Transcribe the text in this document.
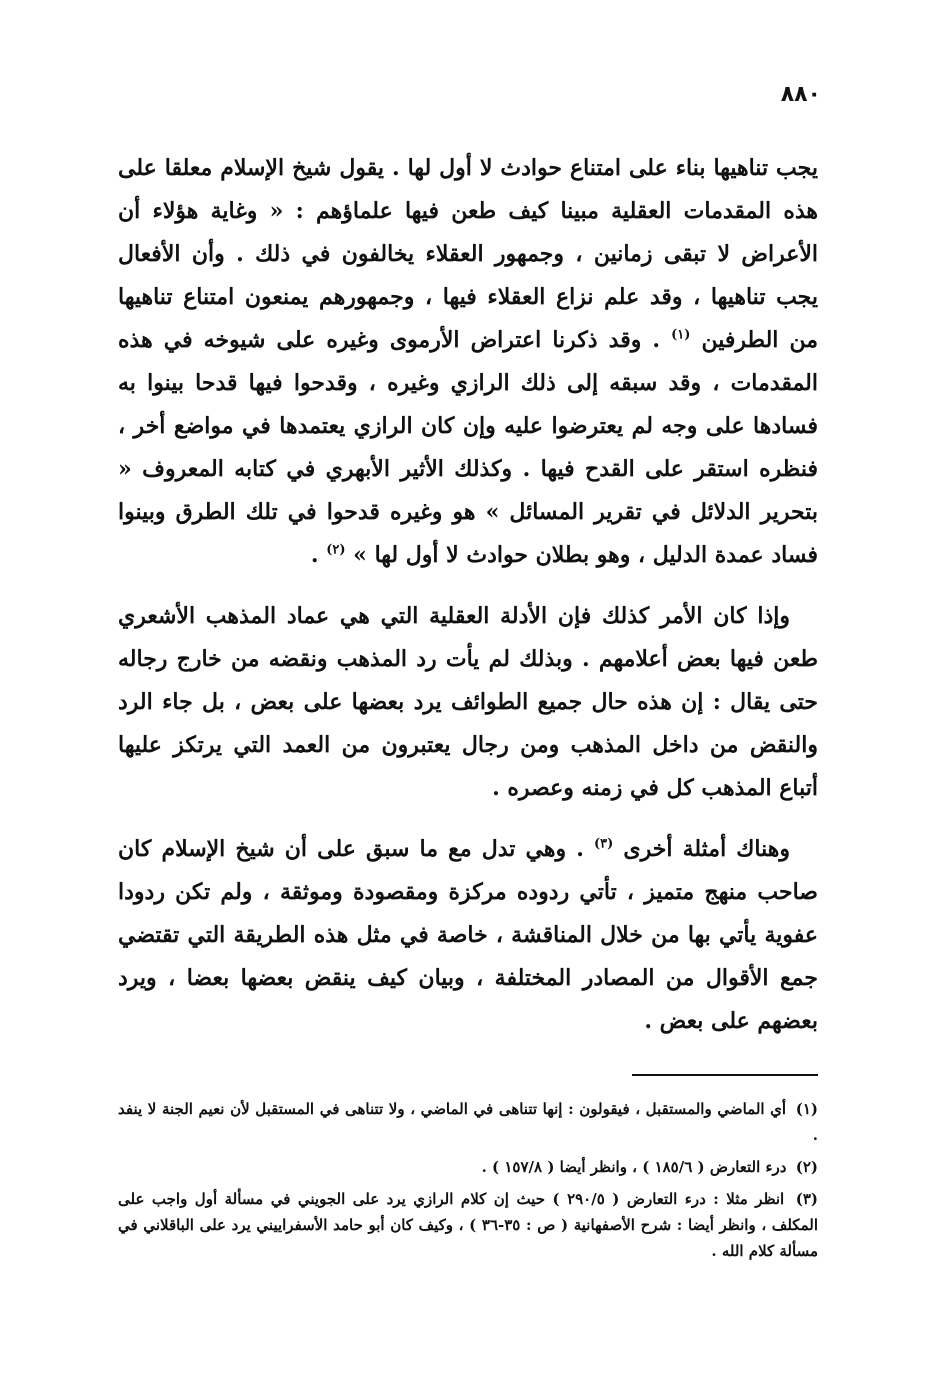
٨٨٠

يجب تناهيها بناء على امتناع حوادث لا أول لها . يقول شيخ الإسلام معلقا على هذه المقدمات العقلية مبينا كيف طعن فيها علماؤهم : « وغاية هؤلاء أن الأعراض لا تبقى زمانين ، وجمهور العقلاء يخالفون في ذلك . وأن الأفعال يجب تناهيها ، وقد علم نزاع العقلاء فيها ، وجمهورهم يمنعون امتناع تناهيها من الطرفين $^{(١)}$ . وقد ذكرنا اعتراض الأرموى وغيره على شيوخه في هذه المقدمات ، وقد سبقه إلى ذلك الرازي وغيره ، وقدحوا فيها قدحا بينوا به فسادها على وجه لم يعترضوا عليه وإن كان الرازي يعتمدها في مواضع أخر ، فنظره استقر على القدح فيها . وكذلك الأثير الأبهري في كتابه المعروف « بتحرير الدلائل في تقرير المسائل » هو وغيره قدحوا في تلك الطرق وبينوا فساد عمدة الدليل ، وهو بطلان حوادث لا أول لها » $^{(٢)}$ .

وإذا كان الأمر كذلك فإن الأدلة العقلية التي هي عماد المذهب الأشعري طعن فيها بعض أعلامهم . وبذلك لم يأت رد المذهب ونقضه من خارج رجاله حتى يقال : إن هذه حال جميع الطوائف يرد بعضها على بعض ، بل جاء الرد والنقض من داخل المذهب ومن رجال يعتبرون من العمد التي يرتكز عليها أتباع المذهب كل في زمنه وعصره .

وهناك أمثلة أخرى $^{(٣)}$ . وهي تدل مع ما سبق على أن شيخ الإسلام كان صاحب منهج متميز ، تأتي ردوده مركزة ومقصودة وموثقة ، ولم تكن ردودا عفوية يأتي بها من خلال المناقشة ، خاصة في مثل هذه الطريقة التي تقتضي جمع الأقوال من المصادر المختلفة ، وبيان كيف ينقض بعضها بعضا ، ويرد بعضهم على بعض .

(١) أي الماضي والمستقبل ، فيقولون : إنها تتناهى في الماضي ، ولا تتناهى في المستقبل لأن نعيم الجنة لا ينفد .

(٢) درء التعارض ( ١٨٥/٦ ) ، وانظر أيضا ( ١٥٧/٨ ) .

(٣) انظر مثلا : درء التعارض ( ٢٩٠/٥ ) حيث إن كلام الرازي يرد على الجويني في مسألة أول واجب على المكلف ، وانظر أيضا : شرح الأصفهانية ( ص : ٣٥-٣٦ ) ، وكيف كان أبو حامد الأسفراييني يرد على الباقلاني في مسألة كلام الله .
